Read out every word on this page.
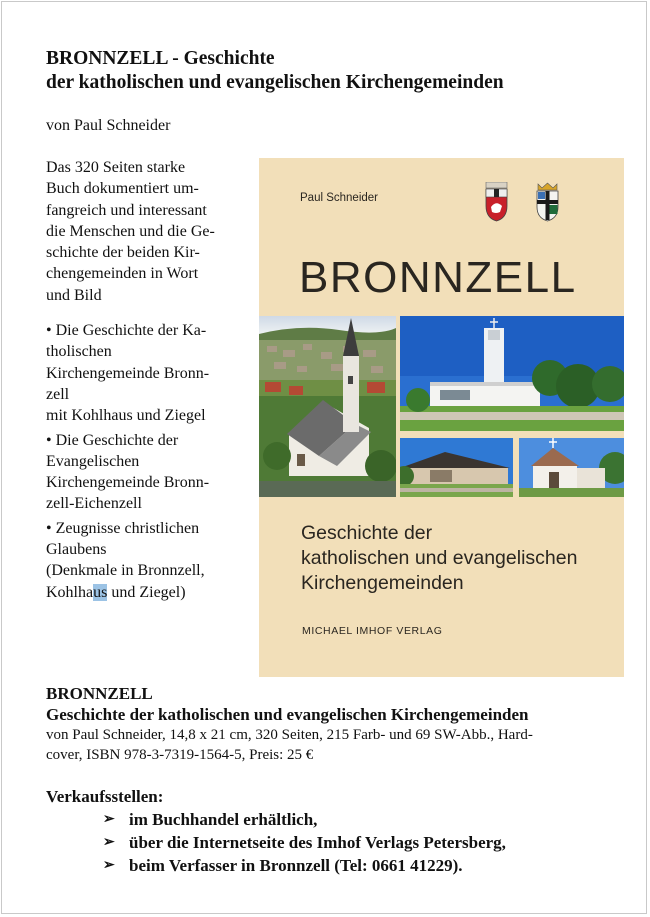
BRONNZELL - Geschichte
der katholischen und evangelischen Kirchengemeinden
von Paul Schneider

Das 320 Seiten starke
Buch dokumentiert um-
fangreich und interessant
die Menschen und die Ge-
schichte der beiden Kir-
chengemeinden in Wort
und Bild

• Die Geschichte der Ka-
tholischen
Kirchengemeinde Bronn-
zell
mit Kohlhaus und Ziegel
• Die Geschichte der
Evangelischen
Kirchengemeinde Bronn-
zell-Eichenzell
• Zeugnisse christlichen
Glaubens
(Denkmale in Bronnzell,
Kohlhaus und Ziegel)
Paul Schneider
BRONNZELL
Geschichte der
katholischen und evangelischen
Kirchengemeinden
MICHAEL IMHOF VERLAG
BRONNZELL
Geschichte der katholischen und evangelischen Kirchengemeinden
von Paul Schneider, 14,8 x 21 cm, 320 Seiten, 215 Farb- und 69 SW-Abb., Hard-
cover, ISBN 978-3-7319-1564-5, Preis: 25 €
Verkaufsstellen:
➢ im Buchhandel erhältlich,
➢ über die Internetseite des Imhof Verlags Petersberg,
➢ beim Verfasser in Bronnzell (Tel: 0661 41229).
